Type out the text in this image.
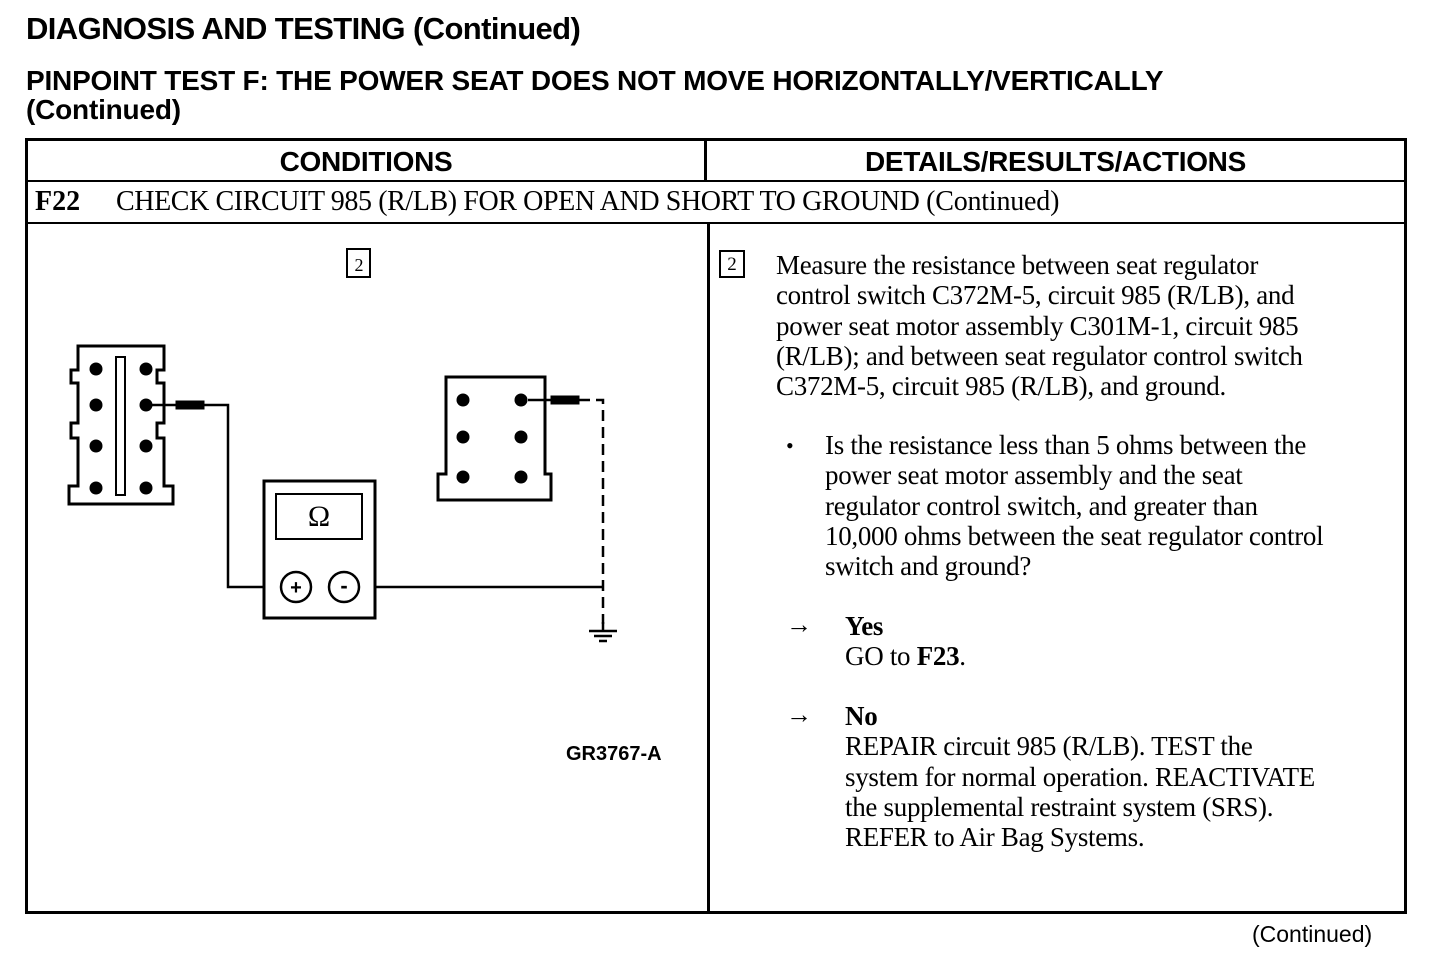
DIAGNOSIS AND TESTING (Continued)
PINPOINT TEST F: THE POWER SEAT DOES NOT MOVE HORIZONTALLY/VERTICALLY
(Continued)
CONDITIONS	DETAILS/RESULTS/ACTIONS
F22 CHECK CIRCUIT 985 (R/LB) FOR OPEN AND SHORT TO GROUND (Continued)
2
Ω
+ -
GR3767-A
2	Measure the resistance between seat regulator
control switch C372M-5, circuit 985 (R/LB), and
power seat motor assembly C301M-1, circuit 985
(R/LB); and between seat regulator control switch
C372M-5, circuit 985 (R/LB), and ground.
• Is the resistance less than 5 ohms between the
power seat motor assembly and the seat
regulator control switch, and greater than
10,000 ohms between the seat regulator control
switch and ground?
→ Yes
GO to F23.
→ No
REPAIR circuit 985 (R/LB). TEST the
system for normal operation. REACTIVATE
the supplemental restraint system (SRS).
REFER to Air Bag Systems.
(Continued)
